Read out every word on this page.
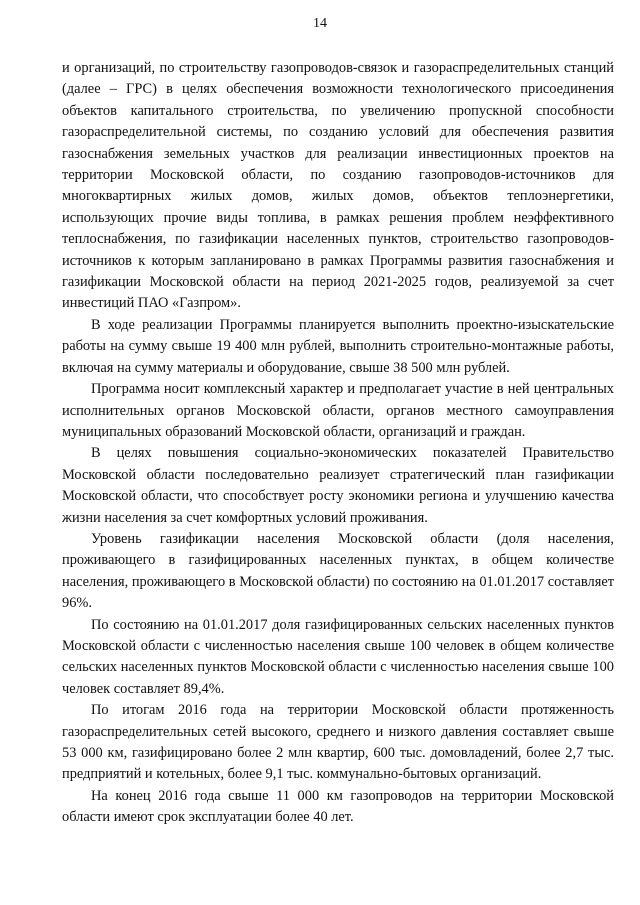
14

и организаций, по строительству газопроводов-связок и газораспределительных станций (далее – ГРС) в целях обеспечения возможности технологического присоединения объектов капитального строительства, по увеличению пропускной способности газораспределительной системы, по созданию условий для обеспечения развития газоснабжения земельных участков для реализации инвестиционных проектов на территории Московской области, по созданию газопроводов-источников для многоквартирных жилых домов, жилых домов, объектов теплоэнергетики, использующих прочие виды топлива, в рамках решения проблем неэффективного теплоснабжения, по газификации населенных пунктов, строительство газопроводов-источников к которым запланировано в рамках Программы развития газоснабжения и газификации Московской области на период 2021-2025 годов, реализуемой за счет инвестиций ПАО «Газпром».

В ходе реализации Программы планируется выполнить проектно-изыскательские работы на сумму свыше 19 400 млн рублей, выполнить строительно-монтажные работы, включая на сумму материалы и оборудование, свыше 38 500 млн рублей.

Программа носит комплексный характер и предполагает участие в ней центральных исполнительных органов Московской области, органов местного самоуправления муниципальных образований Московской области, организаций и граждан.

В целях повышения социально-экономических показателей Правительство Московской области последовательно реализует стратегический план газификации Московской области, что способствует росту экономики региона и улучшению качества жизни населения за счет комфортных условий проживания.

Уровень газификации населения Московской области (доля населения, проживающего в газифицированных населенных пунктах, в общем количестве населения, проживающего в Московской области) по состоянию на 01.01.2017 составляет 96%.

По состоянию на 01.01.2017 доля газифицированных сельских населенных пунктов Московской области с численностью населения свыше 100 человек в общем количестве сельских населенных пунктов Московской области с численностью населения свыше 100 человек составляет 89,4%.

По итогам 2016 года на территории Московской области протяженность газораспределительных сетей высокого, среднего и низкого давления составляет свыше 53 000 км, газифицировано более 2 млн квартир, 600 тыс. домовладений, более 2,7 тыс. предприятий и котельных, более 9,1 тыс. коммунально-бытовых организаций.

На конец 2016 года свыше 11 000 км газопроводов на территории Московской области имеют срок эксплуатации более 40 лет.
